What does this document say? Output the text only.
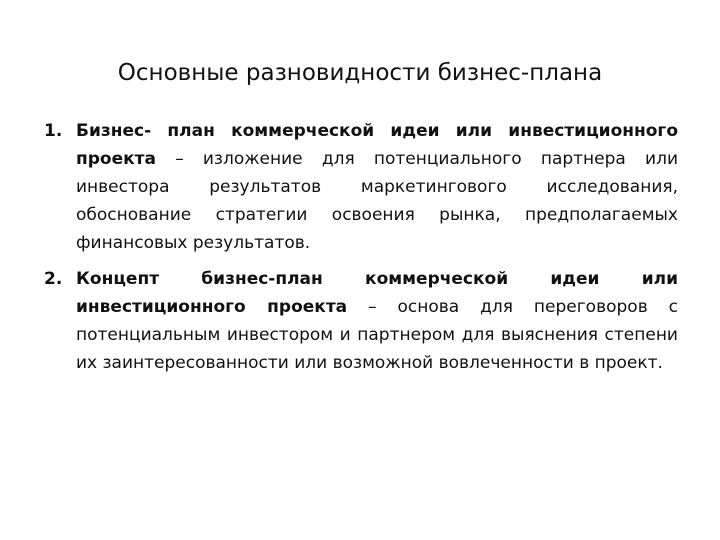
Основные разновидности бизнес-плана
1. Бизнес- план коммерческой идеи или инвестиционного проекта – изложение для потенциального партнера или инвестора результатов маркетингового исследования, обоснование стратегии освоения рынка, предполагаемых финансовых результатов.
2. Концепт бизнес-план коммерческой идеи или инвестиционного проекта – основа для переговоров с потенциальным инвестором и партнером для выяснения степени их заинтересованности или возможной вовлеченности в проект.
